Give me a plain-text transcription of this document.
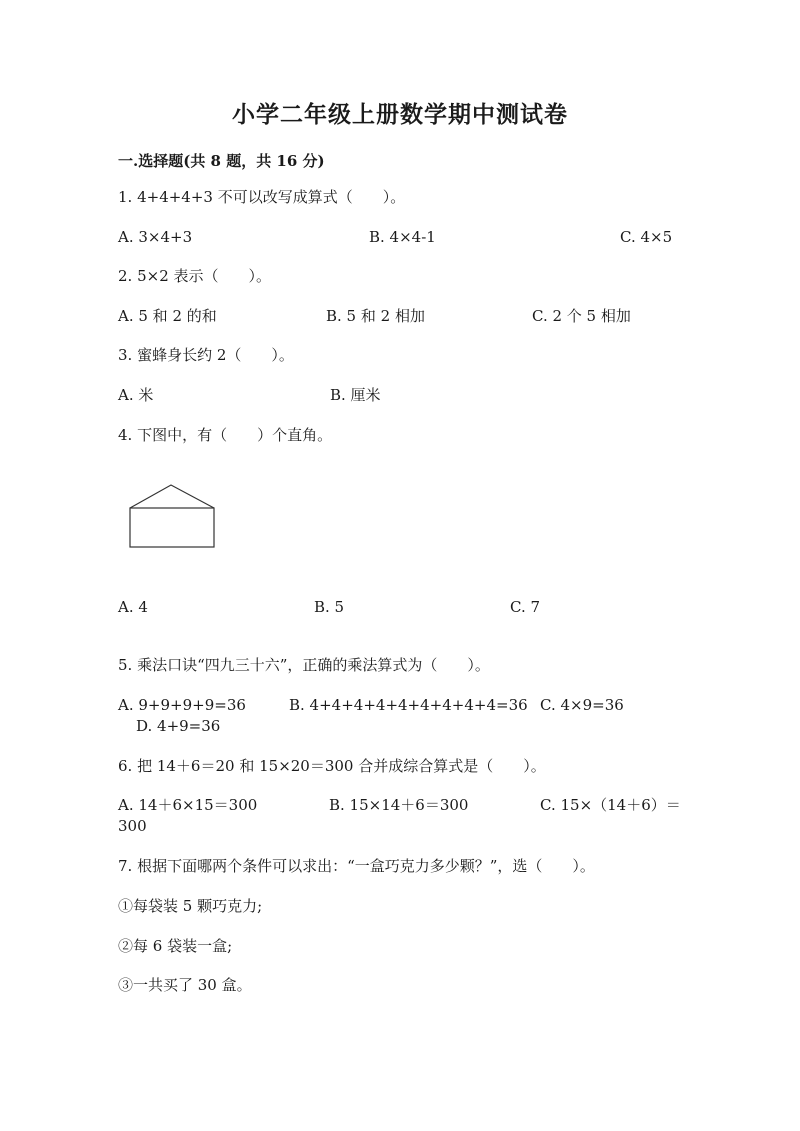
小学二年级上册数学期中测试卷
一.选择题(共 8 题，共 16 分)
1. 4+4+4+3 不可以改写成算式（　　）。
A. 3×4+3	B. 4×4-1	C. 4×5
2. 5×2 表示（　　）。
A. 5 和 2 的和	B. 5 和 2 相加	C. 2 个 5 相加
3. 蜜蜂身长约 2（　　）。
A. 米	B. 厘米
4. 下图中，有（　　）个直角。
A. 4	B. 5	C. 7
5. 乘法口诀“四九三十六”，正确的乘法算式为（　　）。
A. 9+9+9+9=36	B. 4+4+4+4+4+4+4+4+4=36 C. 4×9=36
D. 4+9=36
6. 把 14＋6＝20 和 15×20＝300 合并成综合算式是（　　）。
A. 14＋6×15＝300	B. 15×14＋6＝300	C. 15×（14＋6）＝
300
7. 根据下面哪两个条件可以求出：“一盒巧克力多少颗？”，选（　　）。
①每袋装 5 颗巧克力;
②每 6 袋装一盒;
③一共买了 30 盒。
